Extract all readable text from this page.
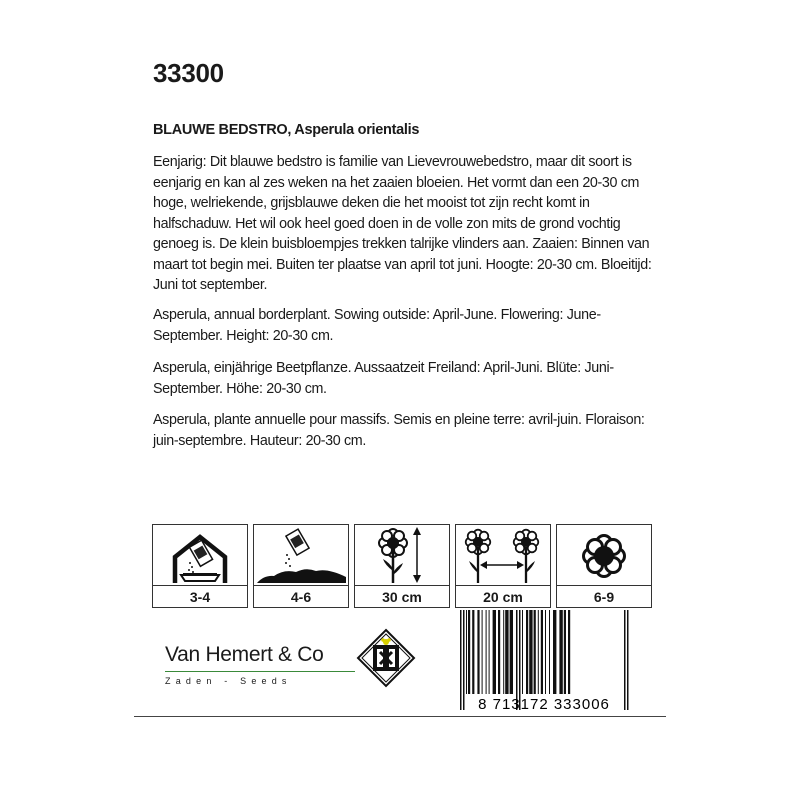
33300
BLAUWE BEDSTRO, Asperula orientalis

Eenjarig: Dit blauwe bedstro is familie van Lievevrouwebedstro, maar dit soort is eenjarig en kan al zes weken na het zaaien bloeien. Het vormt dan een 20-30 cm hoge, welriekende, grijsblauwe deken die het mooist tot zijn recht komt in halfschaduw. Het wil ook heel goed doen in de volle zon mits de grond vochtig genoeg is. De klein buisbloempjes trekken talrijke vlinders aan. Zaaien: Binnen van maart tot begin mei. Buiten ter plaatse van april tot juni. Hoogte: 20-30 cm. Bloeitijd: Juni tot september.

Asperula, annual borderplant. Sowing outside: April-June. Flowering: June-September. Height: 20-30 cm.

Asperula, einjährige Beetpflanze. Aussaatzeit Freiland: April-Juni. Blüte: Juni-September. Höhe: 20-30 cm.

Asperula, plante annuelle pour massifs. Semis en pleine terre: avril-juin. Floraison: juin-septembre. Hauteur: 20-30 cm.

3-4	4-6	30 cm	20 cm	6-9
Van Hemert & Co
Zaden - Seeds
8 713172 333006
